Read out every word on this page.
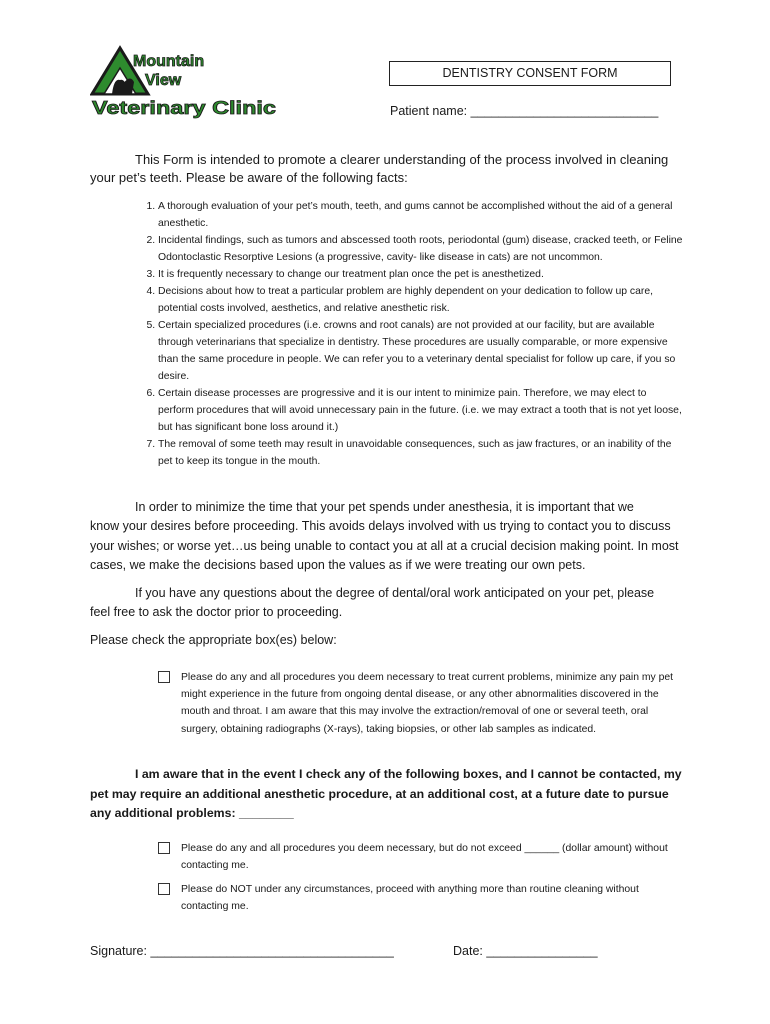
Mountain
View
Veterinary Clinic
DENTISTRY CONSENT FORM
Patient name: ___________________________
This Form is intended to promote a clearer understanding of the process involved in cleaning
your pet’s teeth. Please be aware of the following facts:
1. A thorough evaluation of your pet’s mouth, teeth, and gums cannot be accomplished without the aid of a general anesthetic.
2. Incidental findings, such as tumors and abscessed tooth roots, periodontal (gum) disease, cracked teeth, or Feline Odontoclastic Resorptive Lesions (a progressive, cavity- like disease in cats) are not uncommon.
3. It is frequently necessary to change our treatment plan once the pet is anesthetized.
4. Decisions about how to treat a particular problem are highly dependent on your dedication to follow up care, potential costs involved, aesthetics, and relative anesthetic risk.
5. Certain specialized procedures (i.e. crowns and root canals) are not provided at our facility, but are available through veterinarians that specialize in dentistry. These procedures are usually comparable, or more expensive than the same procedure in people. We can refer you to a veterinary dental specialist for follow up care, if you so desire.
6. Certain disease processes are progressive and it is our intent to minimize pain. Therefore, we may elect to perform procedures that will avoid unnecessary pain in the future. (i.e. we may extract a tooth that is not yet loose, but has significant bone loss around it.)
7. The removal of some teeth may result in unavoidable consequences, such as jaw fractures, or an inability of the pet to keep its tongue in the mouth.
In order to minimize the time that your pet spends under anesthesia, it is important that we
know your desires before proceeding. This avoids delays involved with us trying to contact you to discuss your wishes; or worse yet…us being unable to contact you at all at a crucial decision making point. In most cases, we make the decisions based upon the values as if we were treating our own pets.
If you have any questions about the degree of dental/oral work anticipated on your pet, please
feel free to ask the doctor prior to proceeding.
Please check the appropriate box(es) below:
Please do any and all procedures you deem necessary to treat current problems, minimize any pain my pet might experience in the future from ongoing dental disease, or any other abnormalities discovered in the mouth and throat. I am aware that this may involve the extraction/removal of one or several teeth, oral surgery, obtaining radiographs (X-rays), taking biopsies, or other lab samples as indicated.
I am aware that in the event I check any of the following boxes, and I cannot be contacted, my
pet may require an additional anesthetic procedure, at an additional cost, at a future date to pursue any additional problems: ________
Please do any and all procedures you deem necessary, but do not exceed ______ (dollar amount) without contacting me.
Please do NOT under any circumstances, proceed with anything more than routine cleaning without contacting me.
Signature: ___________________________________	Date: ________________
